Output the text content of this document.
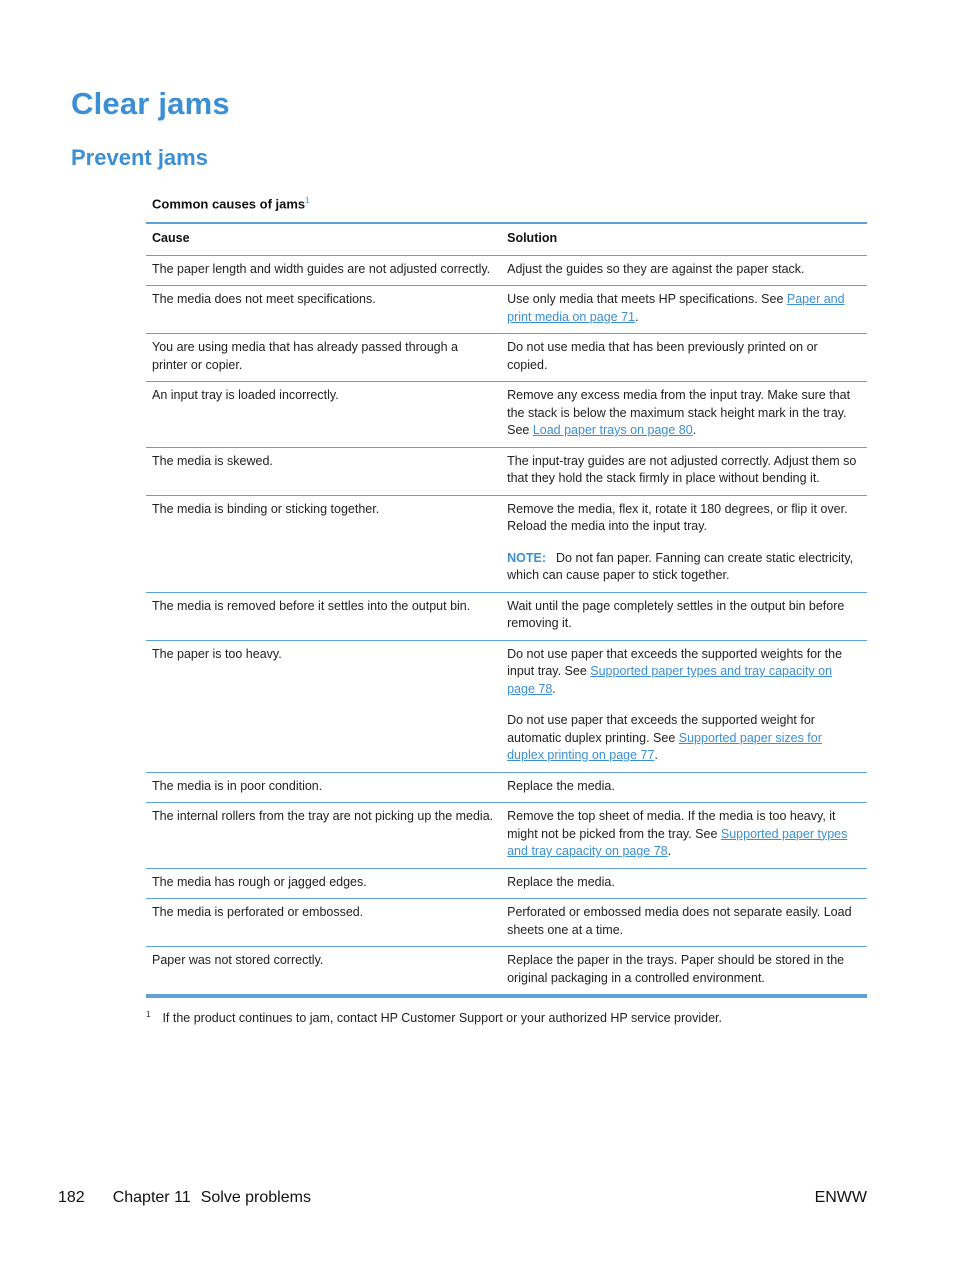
Clear jams
Prevent jams
Common causes of jams$^1$
Cause	Solution
The paper length and width guides are not adjusted correctly.	Adjust the guides so they are against the paper stack.
The media does not meet specifications.	Use only media that meets HP specifications. See Paper and print media on page 71.
You are using media that has already passed through a printer or copier.	Do not use media that has been previously printed on or copied.
An input tray is loaded incorrectly.	Remove any excess media from the input tray. Make sure that the stack is below the maximum stack height mark in the tray. See Load paper trays on page 80.
The media is skewed.	The input-tray guides are not adjusted correctly. Adjust them so that they hold the stack firmly in place without bending it.
The media is binding or sticking together.	Remove the media, flex it, rotate it 180 degrees, or flip it over. Reload the media into the input tray.
NOTE: Do not fan paper. Fanning can create static electricity, which can cause paper to stick together.

The media is removed before it settles into the output bin.	Wait until the page completely settles in the output bin before removing it.
The paper is too heavy.	Do not use paper that exceeds the supported weights for the input tray. See Supported paper types and tray capacity on page 78.
Do not use paper that exceeds the supported weight for automatic duplex printing. See Supported paper sizes for duplex printing on page 77.

The media is in poor condition.	Replace the media.
The internal rollers from the tray are not picking up the media.	Remove the top sheet of media. If the media is too heavy, it might not be picked from the tray. See Supported paper types and tray capacity on page 78.
The media has rough or jagged edges.	Replace the media.
The media is perforated or embossed.	Perforated or embossed media does not separate easily. Load sheets one at a time.
Paper was not stored correctly.	Replace the paper in the trays. Paper should be stored in the original packaging in a controlled environment.
$^1$ If the product continues to jam, contact HP Customer Support or your authorized HP service provider.
182 Chapter 11 Solve problems	ENWW
